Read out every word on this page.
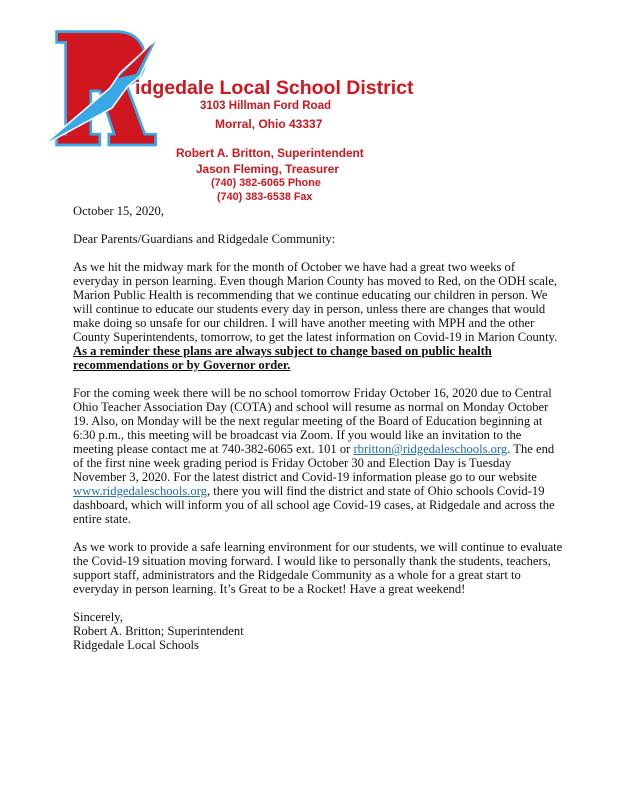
idgedale Local School District
3103 Hillman Ford Road
Morral, Ohio 43337
Robert A. Britton, Superintendent
Jason Fleming, Treasurer
(740) 382-6065 Phone
(740) 383-6538 Fax
October 15, 2020,
Dear Parents/Guardians and Ridgedale Community:
As we hit the midway mark for the month of October we have had a great two weeks of
everyday in person learning. Even though Marion County has moved to Red, on the ODH scale,
Marion Public Health is recommending that we continue educating our children in person. We
will continue to educate our students every day in person, unless there are changes that would
make doing so unsafe for our children. I will have another meeting with MPH and the other
County Superintendents, tomorrow, to get the latest information on Covid-19 in Marion County.
As a reminder these plans are always subject to change based on public health
recommendations or by Governor order.
For the coming week there will be no school tomorrow Friday October 16, 2020 due to Central
Ohio Teacher Association Day (COTA) and school will resume as normal on Monday October
19. Also, on Monday will be the next regular meeting of the Board of Education beginning at
6:30 p.m., this meeting will be broadcast via Zoom. If you would like an invitation to the
meeting please contact me at 740-382-6065 ext. 101 or rbritton@ridgedaleschools.org. The end
of the first nine week grading period is Friday October 30 and Election Day is Tuesday
November 3, 2020. For the latest district and Covid-19 information please go to our website
www.ridgedaleschools.org, there you will find the district and state of Ohio schools Covid-19
dashboard, which will inform you of all school age Covid-19 cases, at Ridgedale and across the
entire state.
As we work to provide a safe learning environment for our students, we will continue to evaluate
the Covid-19 situation moving forward. I would like to personally thank the students, teachers,
support staff, administrators and the Ridgedale Community as a whole for a great start to
everyday in person learning. It’s Great to be a Rocket! Have a great weekend!
Sincerely,
Robert A. Britton; Superintendent
Ridgedale Local Schools
